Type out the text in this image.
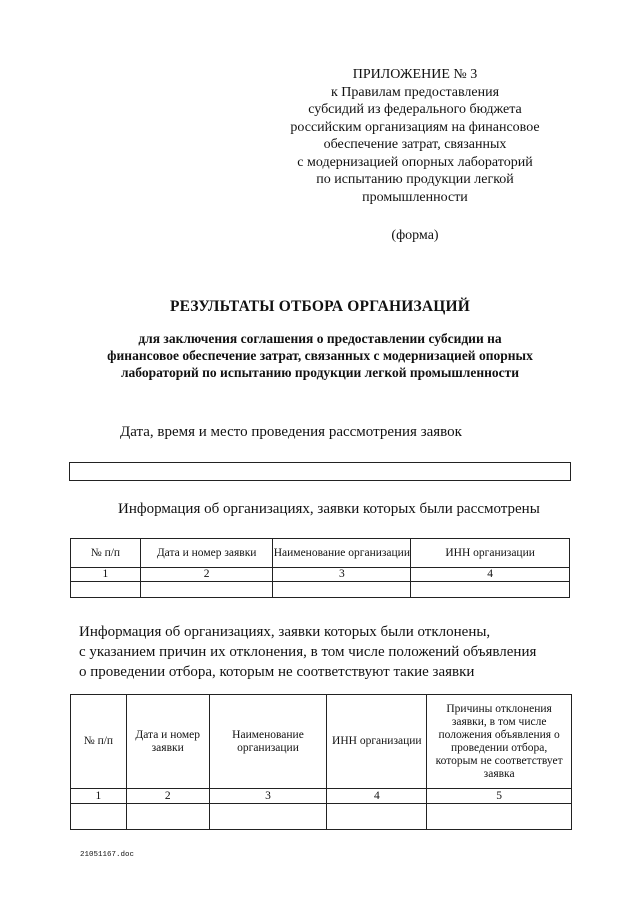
ПРИЛОЖЕНИЕ № 3
к Правилам предоставления
субсидий из федерального бюджета
российским организациям на финансовое
обеспечение затрат, связанных
с модернизацией опорных лабораторий
по испытанию продукции легкой
промышленности
(форма)
РЕЗУЛЬТАТЫ ОТБОРА ОРГАНИЗАЦИЙ
для заключения соглашения о предоставлении субсидии на
финансовое обеспечение затрат, связанных с модернизацией опорных
лабораторий по испытанию продукции легкой промышленности
Дата, время и место проведения рассмотрения заявок
Информация об организациях, заявки которых были рассмотрены
№ п/п	Дата и номер заявки	Наименование организации	ИНН организации
1	2	3	4

Информация об организациях, заявки которых были отклонены,
с указанием причин их отклонения, в том числе положений объявления
о проведении отбора, которым не соответствуют такие заявки
№ п/п	Дата и номер заявки	Наименование организации	ИНН организации	Причины отклонения заявки, в том числе положения объявления о проведении отбора, которым не соответствует заявка
1	2	3	4	5

21051167.doc
